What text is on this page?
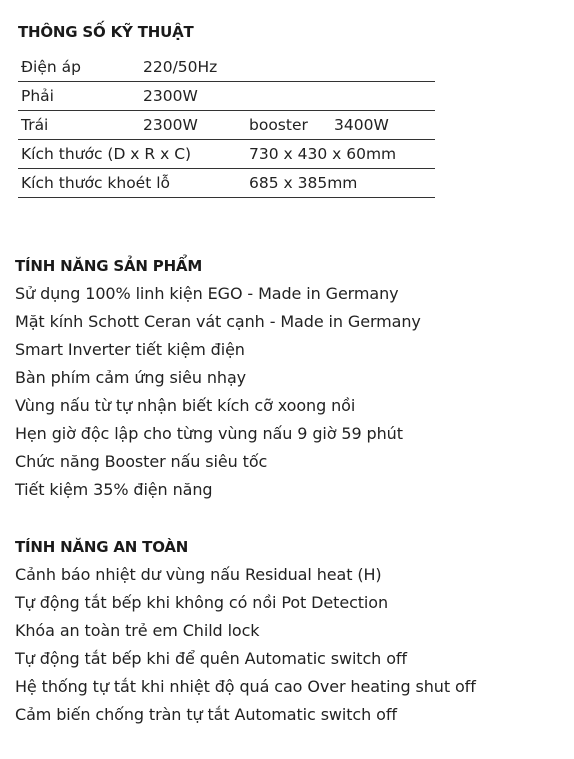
THÔNG SỐ KỸ THUẬT
Điện áp	220/50Hz
Phải	2300W
Trái	2300W	booster 3400W
Kích thước (D x R x C)	730 x 430 x 60mm
Kích thước khoét lỗ	685 x 385mm
TÍNH NĂNG SẢN PHẨM
Sử dụng 100% linh kiện EGO - Made in Germany
Mặt kính Schott Ceran vát cạnh - Made in Germany
Smart Inverter tiết kiệm điện
Bàn phím cảm ứng siêu nhạy
Vùng nấu từ tự nhận biết kích cỡ xoong nồi
Hẹn giờ độc lập cho từng vùng nấu 9 giờ 59 phút
Chức năng Booster nấu siêu tốc
Tiết kiệm 35% điện năng
TÍNH NĂNG AN TOÀN
Cảnh báo nhiệt dư vùng nấu Residual heat (H)
Tự động tắt bếp khi không có nồi Pot Detection
Khóa an toàn trẻ em Child lock
Tự động tắt bếp khi để quên Automatic switch off
Hệ thống tự tắt khi nhiệt độ quá cao Over heating shut off
Cảm biến chống tràn tự tắt Automatic switch off
